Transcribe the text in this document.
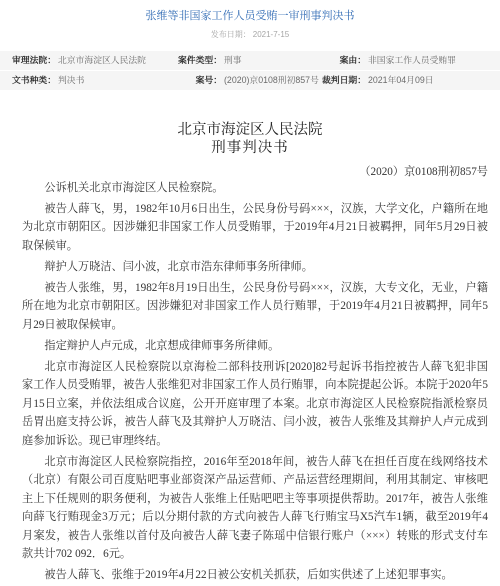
张维等非国家工作人员受贿一审刑事判决书
发布日期： 2021-7-15
审理法院： 北京市海淀区人民法院	案件类型： 刑事	案由： 非国家工作人员受贿罪
文书种类： 判决书	案号： (2020)京0108刑初857号 裁判日期： 2021年04月09日
北京市海淀区人民法院
刑事判决书
（2020）京0108刑初857号

公诉机关北京市海淀区人民检察院。

被告人薛飞，男，1982年10月6日出生，公民身份号码×××，汉族，大学文化，户籍所在地为北京市朝阳区。因涉嫌犯非国家工作人员受贿罪，于2019年4月21日被羁押，同年5月29日被取保候审。

辩护人万晓洁、闫小波，北京市浩东律师事务所律师。

被告人张维，男，1982年8月19日出生，公民身份号码×××，汉族，大专文化，无业，户籍所在地为北京市朝阳区。因涉嫌犯对非国家工作人员行贿罪，于2019年4月21日被羁押，同年5月29日被取保候审。

指定辩护人卢元成，北京想成律师事务所律师。

北京市海淀区人民检察院以京海检二部科技刑诉[2020]82号起诉书指控被告人薛飞犯非国家工作人员受贿罪，被告人张维犯对非国家工作人员行贿罪，向本院提起公诉。本院于2020年5月15日立案，并依法组成合议庭，公开开庭审理了本案。北京市海淀区人民检察院指派检察员岳胃出庭支持公诉，被告人薛飞及其辩护人万晓洁、闫小波，被告人张维及其辩护人卢元成到庭参加诉讼。现已审理终结。

北京市海淀区人民检察院指控，2016年至2018年间，被告人薛飞在担任百度在线网络技术（北京）有限公司百度贴吧事业部资深产品运营师、产品运营经理期间，利用其制定、审核吧主上下任规则的职务便利，为被告人张维上任贴吧吧主等事项提供帮助。2017年，被告人张维向薛飞行贿现金3万元；后以分期付款的方式向被告人薛飞行贿宝马X5汽车1辆，截至2019年4月案发，被告人张维以首付及向被告人薛飞妻子陈瑶中信银行账户（×××）转账的形式支付车款共计702 092．6元。

被告人薛飞、张维于2019年4月22日被公安机关抓获，后如实供述了上述犯罪事实。
